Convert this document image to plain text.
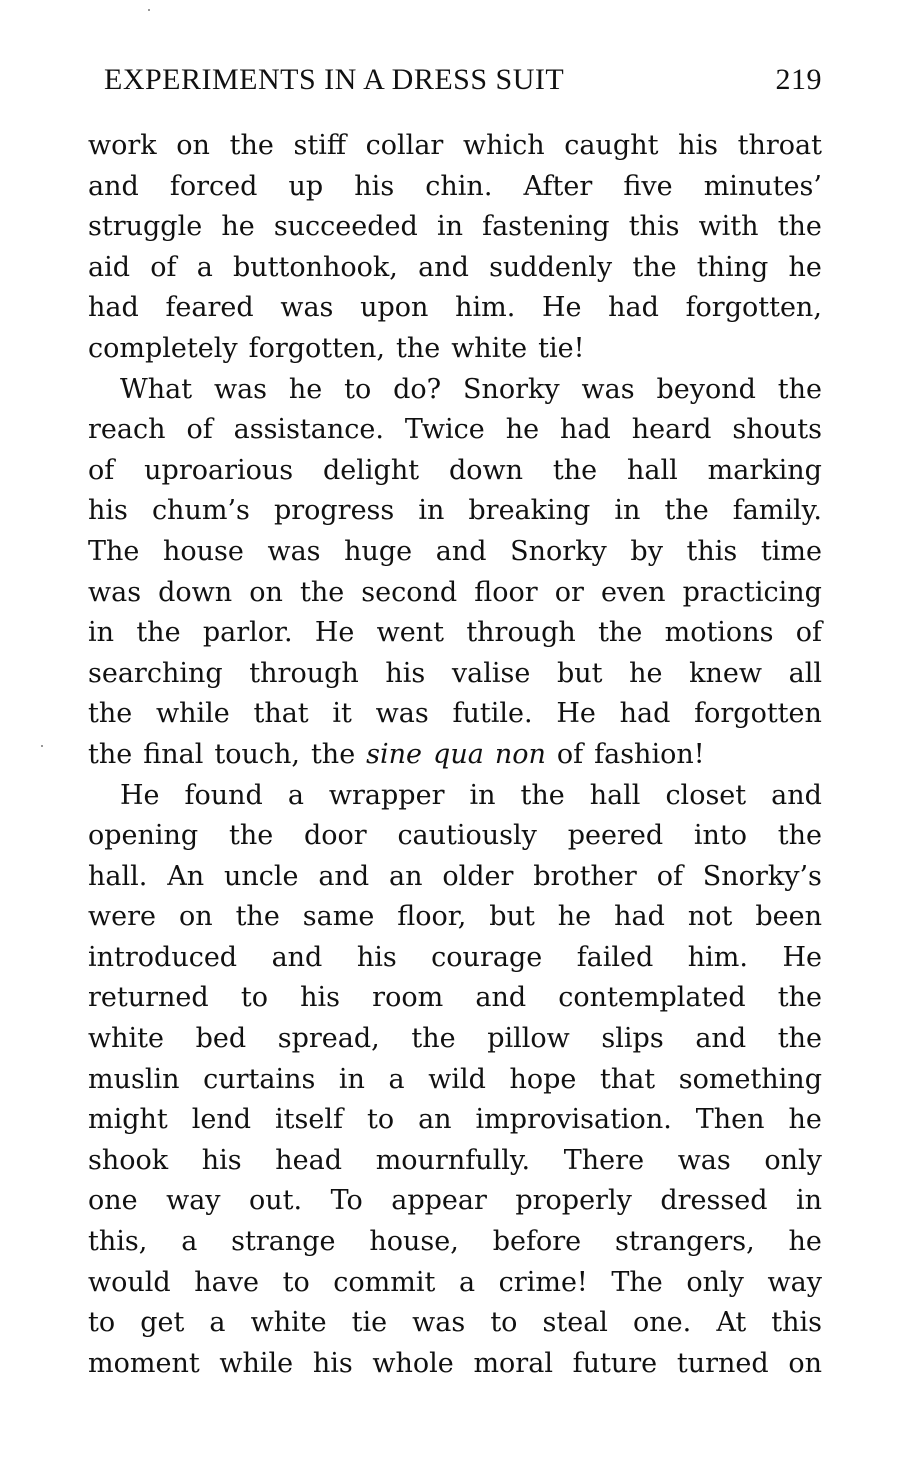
EXPERIMENTS IN A DRESS SUIT	219
work on the stiff collar which caught his throat
and forced up his chin. After five minutes’
struggle he succeeded in fastening this with the
aid of a buttonhook, and suddenly the thing he
had feared was upon him. He had forgotten,
completely forgotten, the white tie!
What was he to do? Snorky was beyond the
reach of assistance. Twice he had heard shouts
of uproarious delight down the hall marking
his chum’s progress in breaking in the family.
The house was huge and Snorky by this time
was down on the second floor or even practicing
in the parlor. He went through the motions of
searching through his valise but he knew all
the while that it was futile. He had forgotten
the final touch, the sine qua non of fashion!
He found a wrapper in the hall closet and
opening the door cautiously peered into the
hall. An uncle and an older brother of Snorky’s
were on the same floor, but he had not been
introduced and his courage failed him. He
returned to his room and contemplated the
white bed spread, the pillow slips and the
muslin curtains in a wild hope that something
might lend itself to an improvisation. Then he
shook his head mournfully. There was only
one way out. To appear properly dressed in
this, a strange house, before strangers, he
would have to commit a crime! The only way
to get a white tie was to steal one. At this
moment while his whole moral future turned on
